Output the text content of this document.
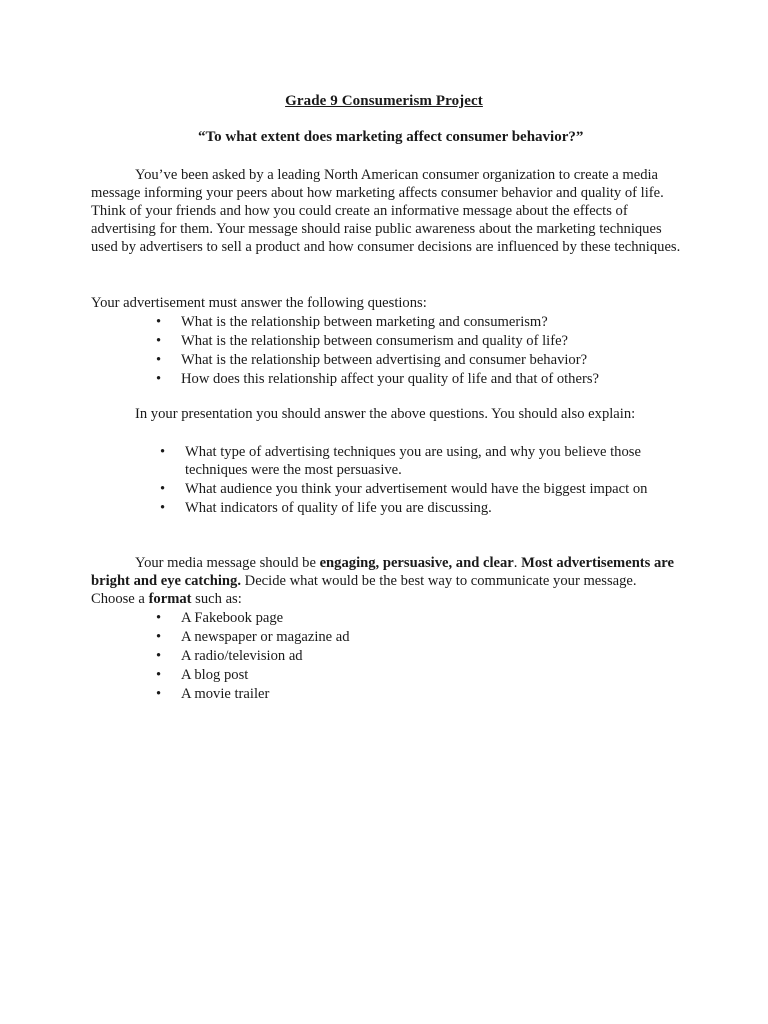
Grade 9 Consumerism Project
“To what extent does marketing affect consumer behavior?”

You’ve been asked by a leading North American consumer organization to create a media message informing your peers about how marketing affects consumer behavior and quality of life. Think of your friends and how you could create an informative message about the effects of advertising for them. Your message should raise public awareness about the marketing techniques used by advertisers to sell a product and how consumer decisions are influenced by these techniques.

Your advertisement must answer the following questions:

• What is the relationship between marketing and consumerism?
• What is the relationship between consumerism and quality of life?
• What is the relationship between advertising and consumer behavior?
• How does this relationship affect your quality of life and that of others?

In your presentation you should answer the above questions. You should also explain:

• What type of advertising techniques you are using, and why you believe those techniques were the most persuasive.
• What audience you think your advertisement would have the biggest impact on
• What indicators of quality of life you are discussing.

Your media message should be engaging, persuasive, and clear. Most advertisements are bright and eye catching. Decide what would be the best way to communicate your message. Choose a format such as:

• A Fakebook page
• A newspaper or magazine ad
• A radio/television ad
• A blog post
• A movie trailer
